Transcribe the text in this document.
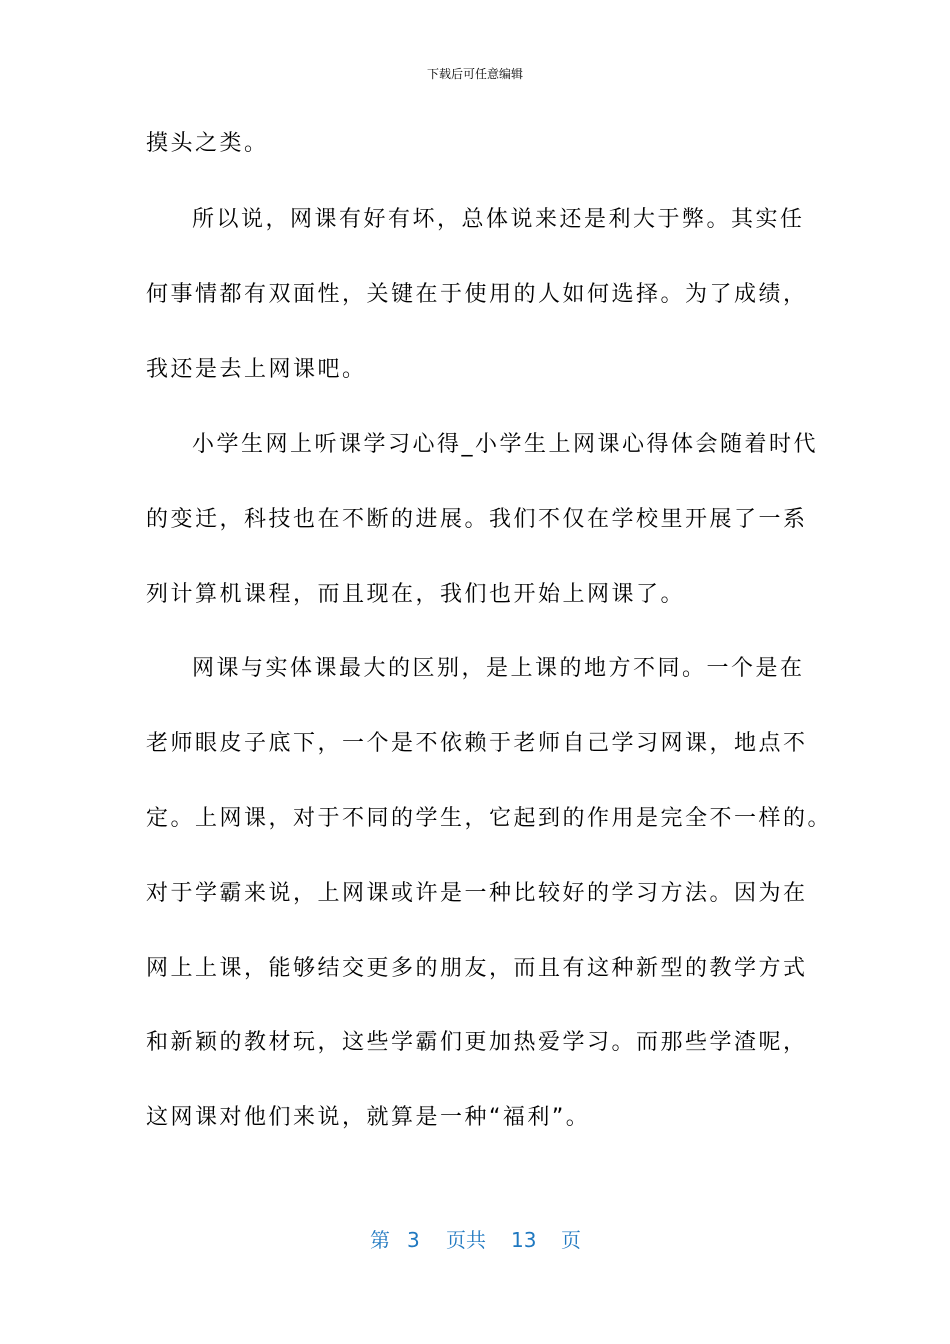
下载后可任意编辑
摸头之类。
所以说，网课有好有坏，总体说来还是利大于弊。其实任
何事情都有双面性，关键在于使用的人如何选择。为了成绩，
我还是去上网课吧。
小学生网上听课学习心得_小学生上网课心得体会随着时代
的变迁，科技也在不断的进展。我们不仅在学校里开展了一系
列计算机课程，而且现在，我们也开始上网课了。
网课与实体课最大的区别，是上课的地方不同。一个是在
老师眼皮子底下，一个是不依赖于老师自己学习网课，地点不
定。上网课，对于不同的学生，它起到的作用是完全不一样的。
对于学霸来说，上网课或许是一种比较好的学习方法。因为在
网上上课，能够结交更多的朋友，而且有这种新型的教学方式
和新颖的教材玩，这些学霸们更加热爱学习。而那些学渣呢，
这网课对他们来说，就算是一种“福利”。
第 3 页共 13 页
